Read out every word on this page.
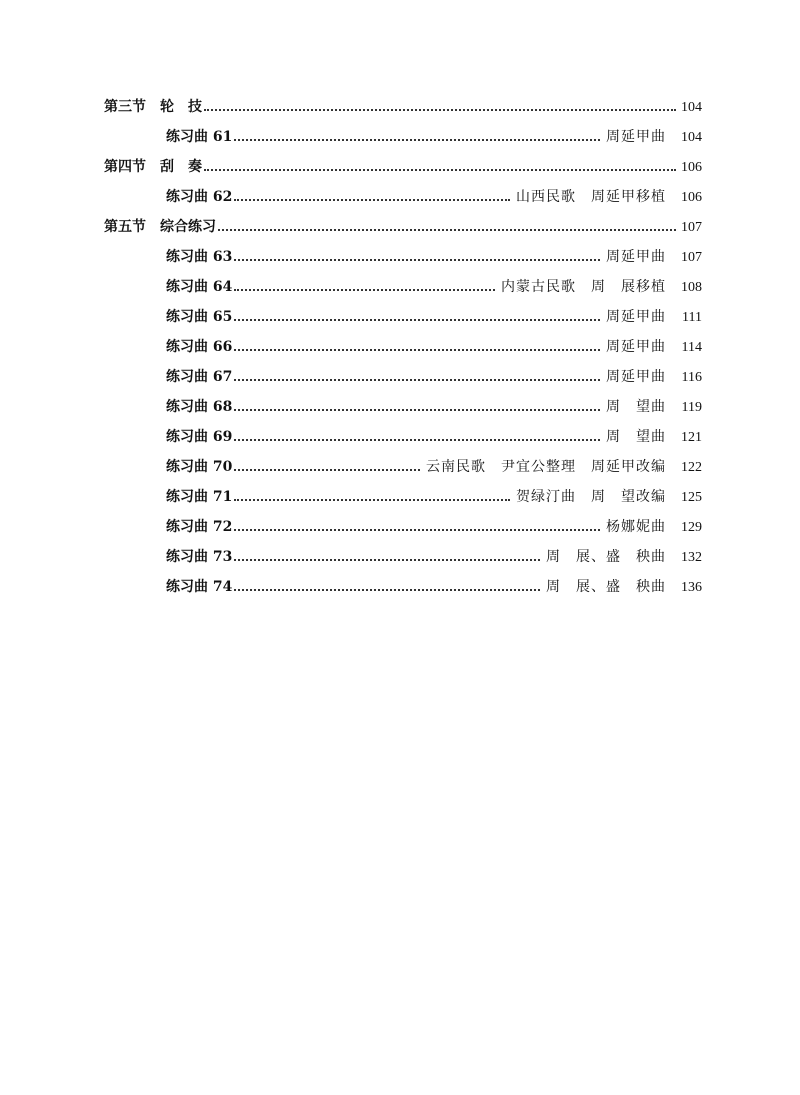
第三节 轮　技	104
练习曲 61	周延甲曲	104
第四节 刮　奏	106
练习曲 62	山西民歌　周延甲移植	106
第五节 综合练习	107
练习曲 63	周延甲曲	107
练习曲 64	内蒙古民歌　周　展移植	108
练习曲 65	周延甲曲	111
练习曲 66	周延甲曲	114
练习曲 67	周延甲曲	116
练习曲 68	周　望曲	119
练习曲 69	周　望曲	121
练习曲 70	云南民歌　尹宜公整理　周延甲改编	122
练习曲 71	贺绿汀曲　周　望改编	125
练习曲 72	杨娜妮曲	129
练习曲 73	周　展、盛　秧曲	132
练习曲 74	周　展、盛　秧曲	136
